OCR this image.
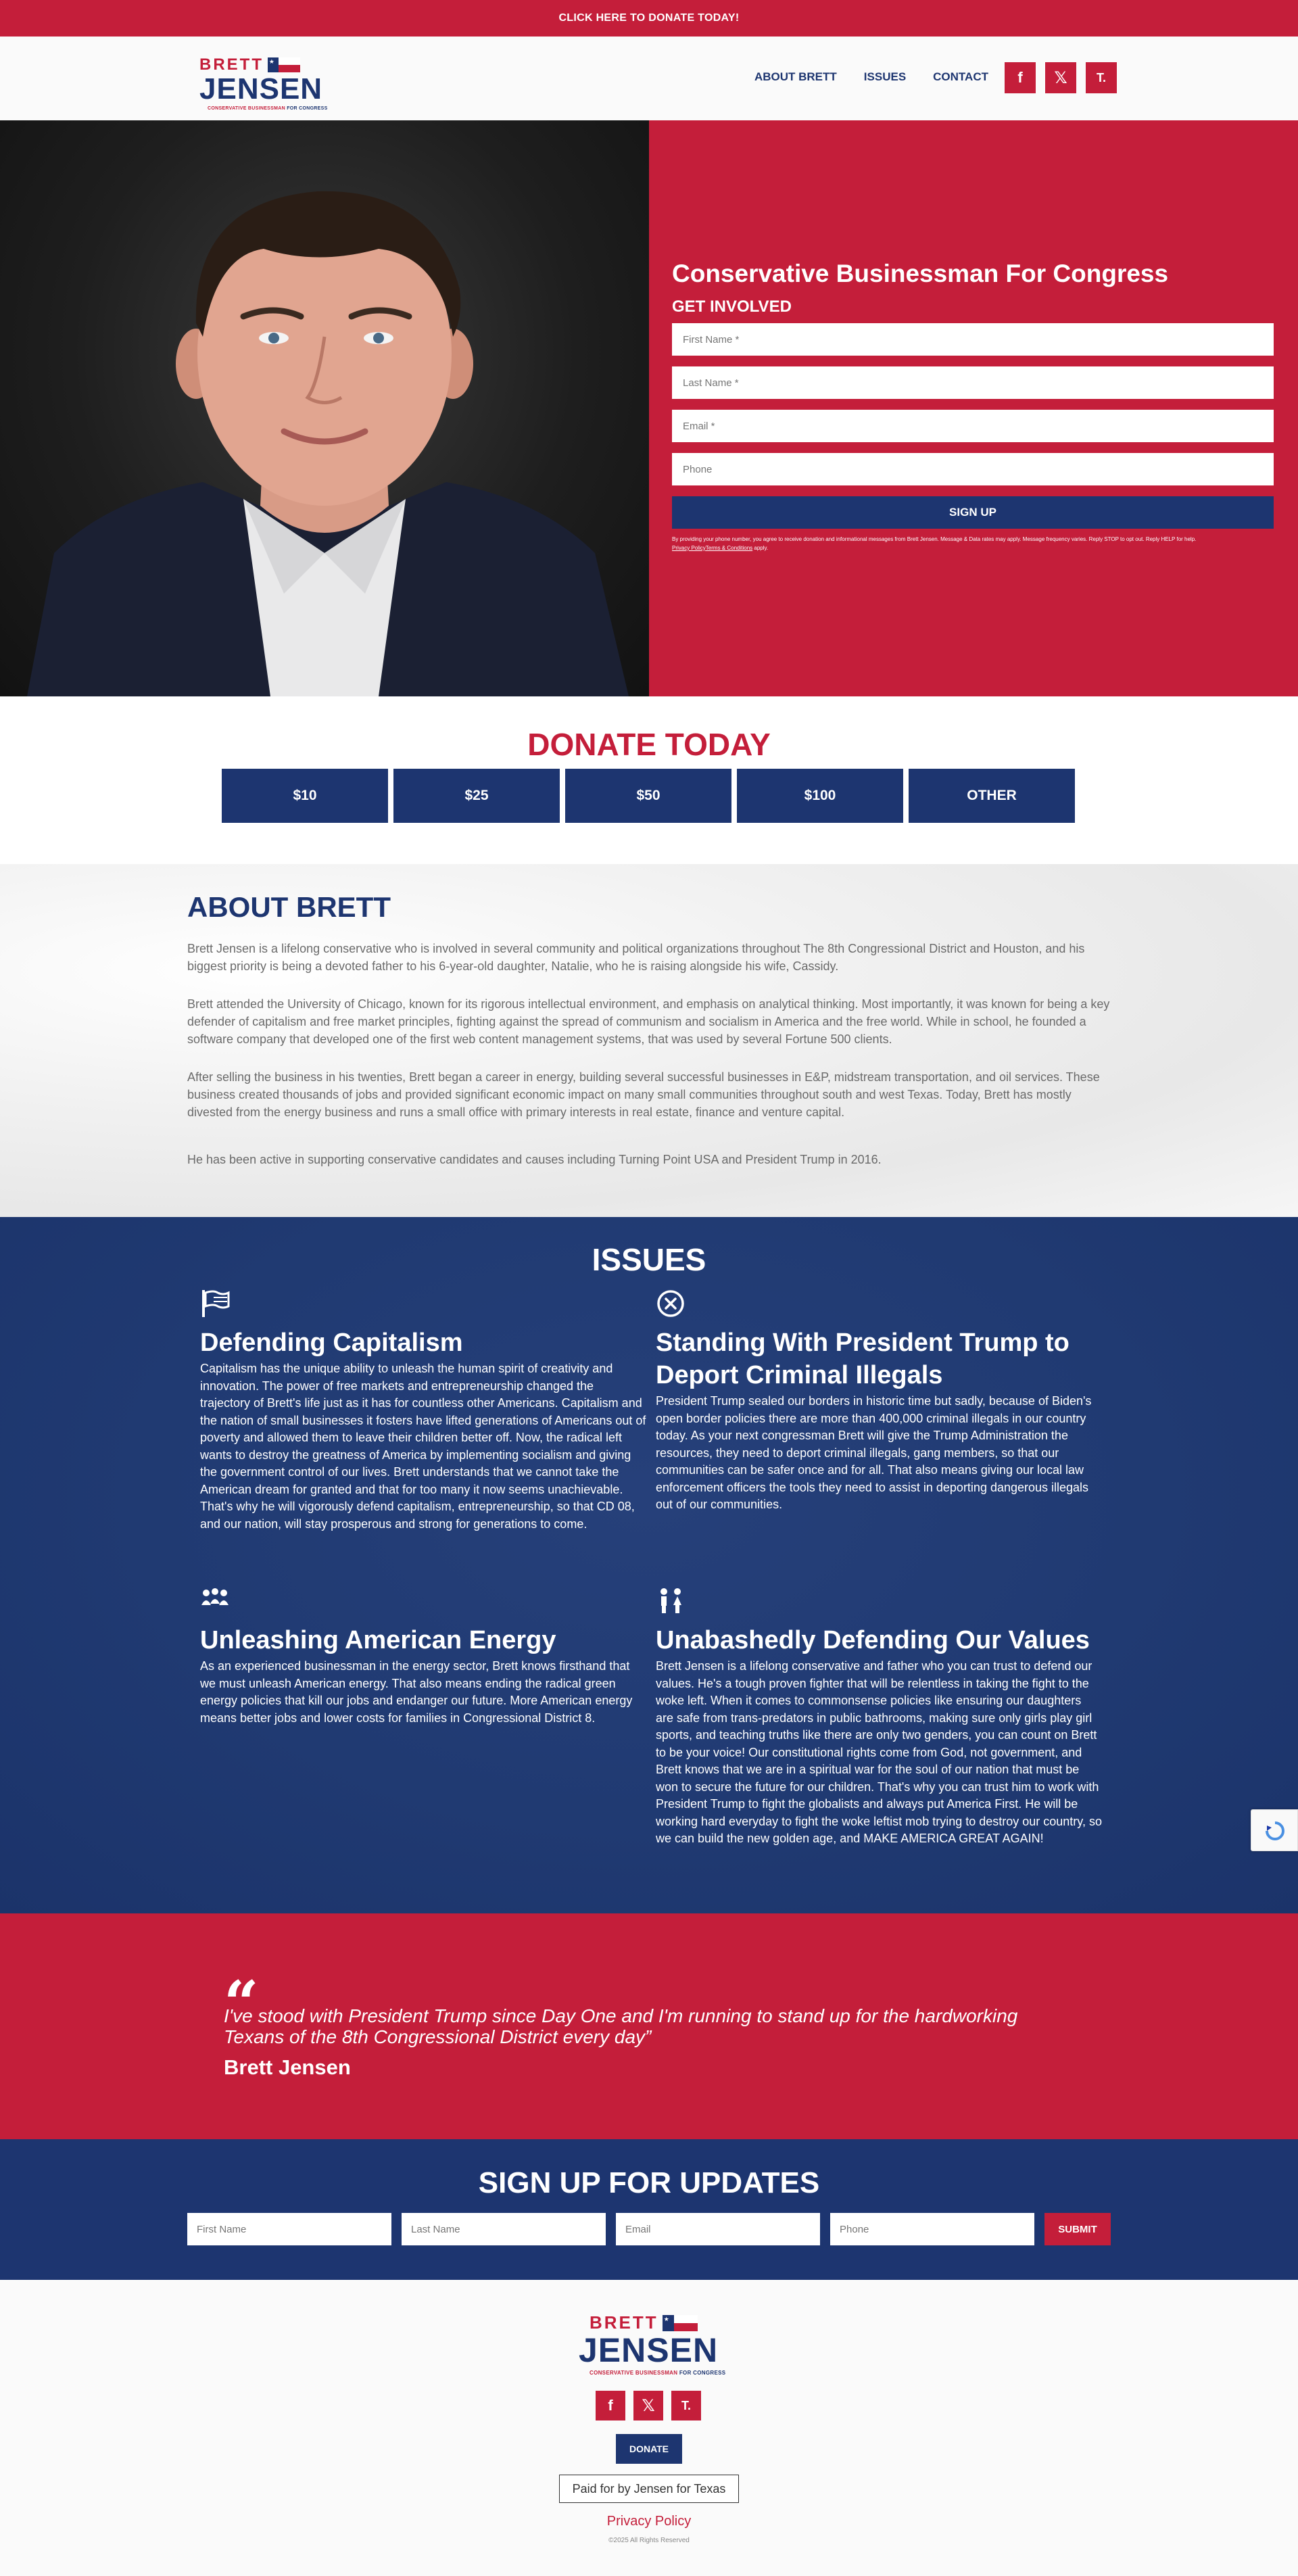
CLICK HERE TO DONATE TODAY!
BRETT ★
JENSEN
CONSERVATIVE BUSINESSMAN FOR CONGRESS
ABOUT BRETT ISSUES CONTACT	f	𝕏	T.
Conservative Businessman For Congress
GET INVOLVED
First Name *
Last Name *
Email *
Phone
SIGN UP
By providing your phone number, you agree to receive donation and informational messages from Brett Jensen. Message & Data rates may apply. Message frequency varies. Reply STOP to opt out. Reply HELP for help.
Privacy PolicyTerms & Conditions apply.
DONATE TODAY
$10	$25	$50	$100	OTHER
ABOUT BRETT

Brett Jensen is a lifelong conservative who is involved in several community and political organizations throughout The 8th Congressional District and Houston, and his biggest priority is being a devoted father to his 6-year-old daughter, Natalie, who he is raising alongside his wife, Cassidy.

Brett attended the University of Chicago, known for its rigorous intellectual environment, and emphasis on analytical thinking. Most importantly, it was known for being a key defender of capitalism and free market principles, fighting against the spread of communism and socialism in America and the free world. While in school, he founded a software company that developed one of the first web content management systems, that was used by several Fortune 500 clients.

After selling the business in his twenties, Brett began a career in energy, building several successful businesses in E&P, midstream transportation, and oil services. These business created thousands of jobs and provided significant economic impact on many small communities throughout south and west Texas. Today, Brett has mostly divested from the energy business and runs a small office with primary interests in real estate, finance and venture capital.

He has been active in supporting conservative candidates and causes including Turning Point USA and President Trump in 2016.

ISSUES
Defending Capitalism

Capitalism has the unique ability to unleash the human spirit of creativity and innovation. The power of free markets and entrepreneurship changed the trajectory of Brett's life just as it has for countless other Americans. Capitalism and the nation of small businesses it fosters have lifted generations of Americans out of poverty and allowed them to leave their children better off. Now, the radical left wants to destroy the greatness of America by implementing socialism and giving the government control of our lives. Brett understands that we cannot take the American dream for granted and that for too many it now seems unachievable. That's why he will vigorously defend capitalism, entrepreneurship, so that CD 08, and our nation, will stay prosperous and strong for generations to come.

Standing With President Trump to Deport Criminal Illegals

President Trump sealed our borders in historic time but sadly, because of Biden's open border policies there are more than 400,000 criminal illegals in our country today. As your next congressman Brett will give the Trump Administration the resources, they need to deport criminal illegals, gang members, so that our communities can be safer once and for all. That also means giving our local law enforcement officers the tools they need to assist in deporting dangerous illegals out of our communities.

Unleashing American Energy

As an experienced businessman in the energy sector, Brett knows firsthand that we must unleash American energy. That also means ending the radical green energy policies that kill our jobs and endanger our future. More American energy means better jobs and lower costs for families in Congressional District 8.

Unabashedly Defending Our Values

Brett Jensen is a lifelong conservative and father who you can trust to defend our values. He's a tough proven fighter that will be relentless in taking the fight to the woke left. When it comes to commonsense policies like ensuring our daughters are safe from trans-predators in public bathrooms, making sure only girls play girl sports, and teaching truths like there are only two genders, you can count on Brett to be your voice! Our constitutional rights come from God, not government, and Brett knows that we are in a spiritual war for the soul of our nation that must be won to secure the future for our children. That's why you can trust him to work with President Trump to fight the globalists and always put America First. He will be working hard everyday to fight the woke leftist mob trying to destroy our country, so we can build the new golden age, and MAKE AMERICA GREAT AGAIN!

“

I've stood with President Trump since Day One and I'm running to stand up for the hardworking Texans of the 8th Congressional District every day”

Brett Jensen
SIGN UP FOR UPDATES
First Name
Last Name
Email
Phone
SUBMIT
BRETT ★
JENSEN
CONSERVATIVE BUSINESSMAN FOR CONGRESS
f	𝕏	T.
DONATE
Paid for by Jensen for Texas
Privacy Policy
©2025 All Rights Reserved
